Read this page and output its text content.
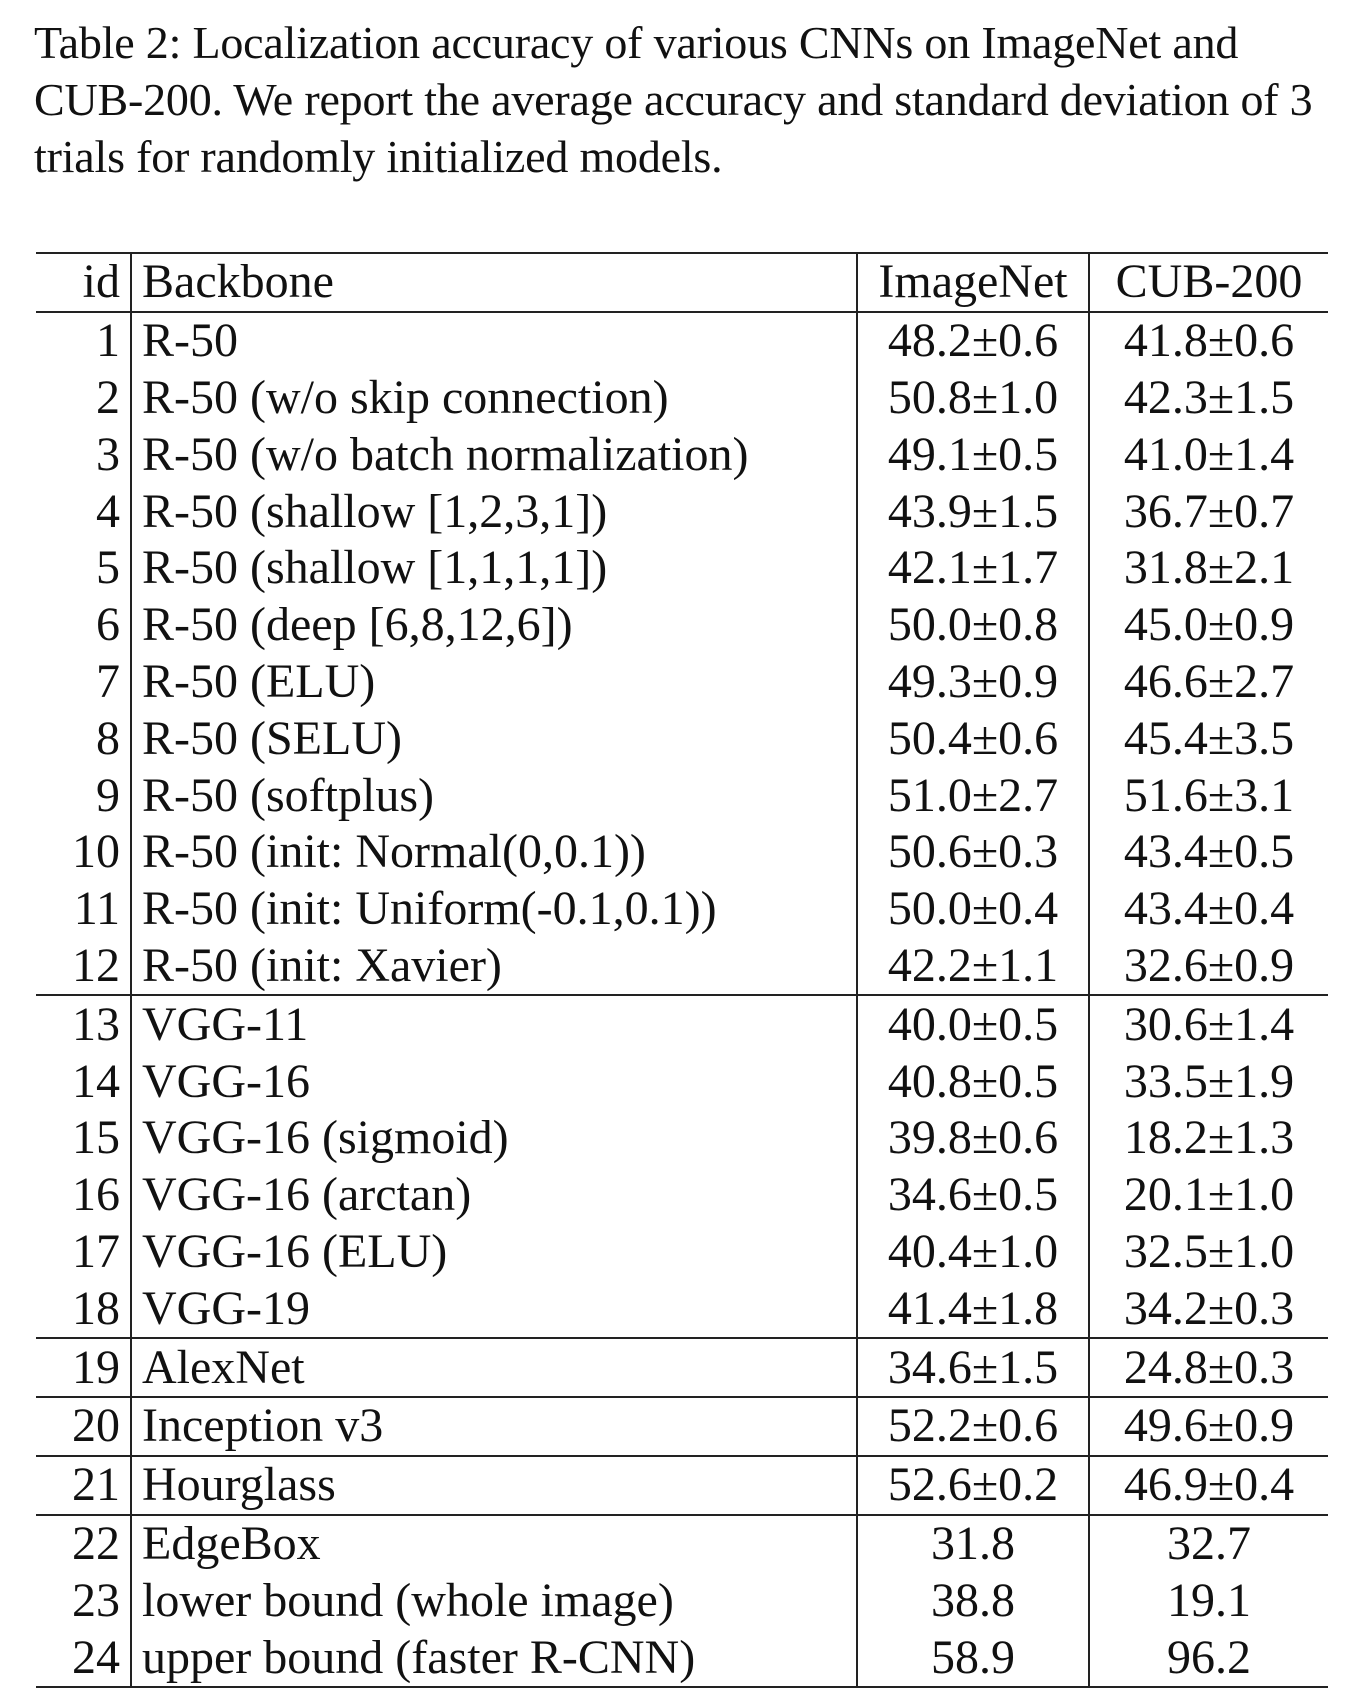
Table 2: Localization accuracy of various CNNs on ImageNet and CUB-200. We report the average accuracy and standard deviation of 3 trials for randomly initialized models.
id	Backbone	ImageNet	CUB-200
1	R-50	48.2±0.6	41.8±0.6
2	R-50 (w/o skip connection)	50.8±1.0	42.3±1.5
3	R-50 (w/o batch normalization)	49.1±0.5	41.0±1.4
4	R-50 (shallow [1,2,3,1])	43.9±1.5	36.7±0.7
5	R-50 (shallow [1,1,1,1])	42.1±1.7	31.8±2.1
6	R-50 (deep [6,8,12,6])	50.0±0.8	45.0±0.9
7	R-50 (ELU)	49.3±0.9	46.6±2.7
8	R-50 (SELU)	50.4±0.6	45.4±3.5
9	R-50 (softplus)	51.0±2.7	51.6±3.1
10	R-50 (init: Normal(0,0.1))	50.6±0.3	43.4±0.5
11	R-50 (init: Uniform(-0.1,0.1))	50.0±0.4	43.4±0.4
12	R-50 (init: Xavier)	42.2±1.1	32.6±0.9
13	VGG-11	40.0±0.5	30.6±1.4
14	VGG-16	40.8±0.5	33.5±1.9
15	VGG-16 (sigmoid)	39.8±0.6	18.2±1.3
16	VGG-16 (arctan)	34.6±0.5	20.1±1.0
17	VGG-16 (ELU)	40.4±1.0	32.5±1.0
18	VGG-19	41.4±1.8	34.2±0.3
19	AlexNet	34.6±1.5	24.8±0.3
20	Inception v3	52.2±0.6	49.6±0.9
21	Hourglass	52.6±0.2	46.9±0.4
22	EdgeBox	31.8	32.7
23	lower bound (whole image)	38.8	19.1
24	upper bound (faster R-CNN)	58.9	96.2
